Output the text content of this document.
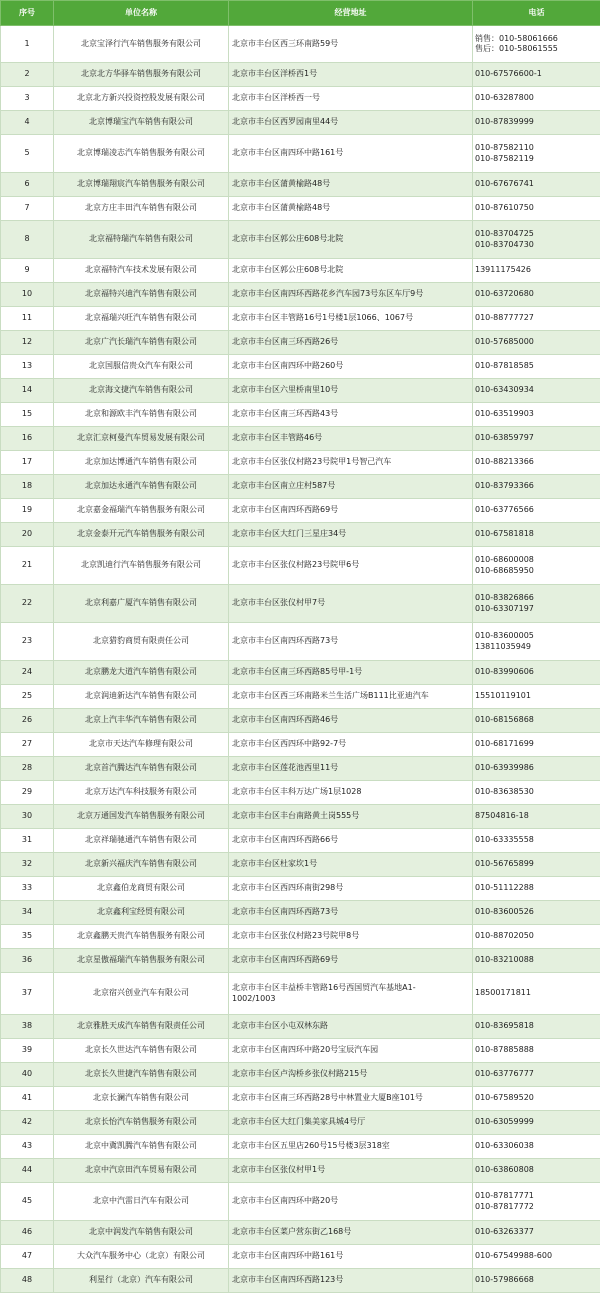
序号	单位名称	经营地址	电话
1	北京宝泽行汽车销售服务有限公司	北京市丰台区西三环南路59号	销售：010-58061666
售后：010-58061555

2	北京北方华驿车销售服务有限公司	北京市丰台区洋桥西1号	010-67576600-1

3	北京北方新兴投资控股发展有限公司	北京市丰台区洋桥西一号	010-63287800

4	北京博瑞宝汽车销售有限公司	北京市丰台区西罗园南里44号	010-87839999

5	北京博瑞凌志汽车销售服务有限公司	北京市丰台区南四环中路161号	010-87582110
010-87582119

6	北京博瑞翔宸汽车销售服务有限公司	北京市丰台区蒲黄榆路48号	010-67676741

7	北京方庄丰田汽车销售有限公司	北京市丰台区蒲黄榆路48号	010-87610750

8	北京福特瑞汽车销售有限公司	北京市丰台区郭公庄608号北院	010-83704725
010-83704730

9	北京福特汽车技术发展有限公司	北京市丰台区郭公庄608号北院	13911175426

10	北京福特兴迪汽车销售有限公司	北京市丰台区南四环西路花乡汽车园73号东区车厅9号	010-63720680

11	北京福瑞兴旺汽车销售有限公司	北京市丰台区丰管路16号1号楼1层1066、1067号	010-88777727

12	北京广汽长瑞汽车销售有限公司	北京市丰台区南三环西路26号	010-57685000

13	北京国服信贵众汽车有限公司	北京市丰台区南四环中路260号	010-87818585

14	北京海文捷汽车销售有限公司	北京市丰台区六里桥南里10号	010-63430934

15	北京和源欧丰汽车销售有限公司	北京市丰台区南三环西路43号	010-63519903

16	北京汇京柯曼汽车贸易发展有限公司	北京市丰台区丰管路46号	010-63859797

17	北京加达博通汽车销售有限公司	北京市丰台区张仪村路23号院甲1号智己汽车	010-88213366

18	北京加达永通汽车销售有限公司	北京市丰台区南立庄村587号	010-83793366

19	北京嘉金福瑞汽车销售服务有限公司	北京市丰台区南四环西路69号	010-63776566

20	北京金泰开元汽车销售服务有限公司	北京市丰台区大红门三星庄34号	010-67581818

21	北京凯迪行汽车销售服务有限公司	北京市丰台区张仪村路23号院甲6号	010-68600008
010-68685950

22	北京利嘉广厦汽车销售有限公司	北京市丰台区张仪村甲7号	010-83826866
010-63307197

23	北京猎豹商贸有限责任公司	北京市丰台区南四环西路73号	010-83600005
13811035949

24	北京鹏龙大道汽车销售有限公司	北京市丰台区南三环西路85号甲-1号	010-83990606

25	北京润迪新达汽车销售有限公司	北京市丰台区西三环南路米兰生活广场B111比亚迪汽车	15510119101

26	北京上汽丰华汽车销售有限公司	北京市丰台区南四环西路46号	010-68156868

27	北京市天达汽车修理有限公司	北京市丰台区西四环中路92-7号	010-68171699

28	北京首汽腾达汽车销售有限公司	北京市丰台区莲花池西里11号	010-63939986

29	北京万达汽车科技服务有限公司	北京市丰台区丰科万达广场1层1028	010-83638530

30	北京万通国发汽车销售服务有限公司	北京市丰台区丰台南路黄土岗555号	87504816-18

31	北京祥瑞驰通汽车销售有限公司	北京市丰台区南四环西路66号	010-63335558

32	北京新兴福庆汽车销售有限公司	北京市丰台区杜家坎1号	010-56765899

33	北京鑫伯龙商贸有限公司	北京市丰台区西四环南街298号	010-51112288

34	北京鑫利宝经贸有限公司	北京市丰台区南四环西路73号	010-83600526

35	北京鑫鹏天贵汽车销售服务有限公司	北京市丰台区张仪村路23号院甲8号	010-88702050

36	北京星傲福瑞汽车销售服务有限公司	北京市丰台区南四环西路69号	010-83210088

37	北京宿兴创业汽车有限公司	北京市丰台区丰益桥丰管路16号西国贸汽车基地A1-
1002/1003	18500171811

38	北京雅胜天成汽车销售有限责任公司	北京市丰台区小屯双林东路	010-83695818

39	北京长久世达汽车销售有限公司	北京市丰台区南四环中路20号宝辰汽车园	010-87885888

40	北京长久世捷汽车销售有限公司	北京市丰台区卢沟桥乡张仪村路215号	010-63776777

41	北京长澜汽车销售有限公司	北京市丰台区南三环西路28号中林置业大厦B座101号	010-67589520

42	北京长怡汽车销售服务有限公司	北京市丰台区大红门集美家具城4号厅	010-63059999

43	北京中冀凯腾汽车销售有限公司	北京市丰台区五里店260号15号楼3层318室	010-63306038

44	北京中汽京田汽车贸易有限公司	北京市丰台区张仪村甲1号	010-63860808

45	北京中汽雷日汽车有限公司	北京市丰台区南四环中路20号	010-87817771
010-87817772

46	北京中润发汽车销售有限公司	北京市丰台区菜户营东街乙168号	010-63263377

47	大众汽车服务中心（北京）有限公司	北京市丰台区南四环中路161号	010-67549988-600

48	利星行（北京）汽车有限公司	北京市丰台区南四环西路123号	010-57986668
